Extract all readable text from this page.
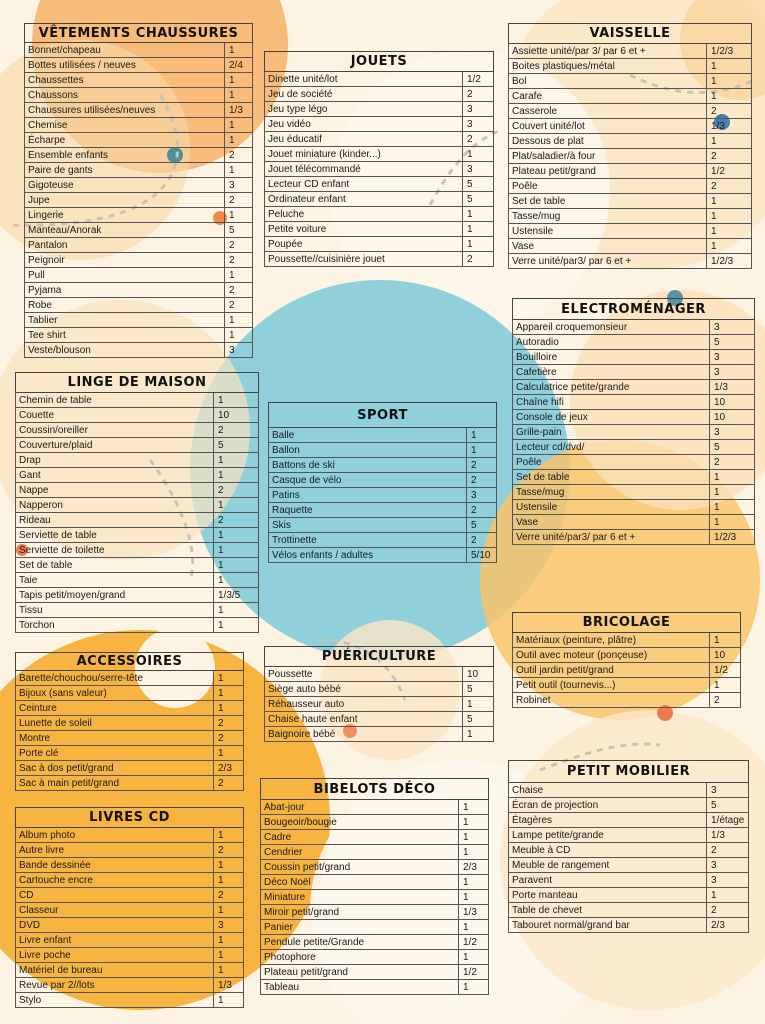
VÊTEMENTS CHAUSSURES	
Bonnet/chapeau	1
Bottes utilisées / neuves	2/4
Chaussettes	1
Chaussons	1
Chaussures utilisées/neuves	1/3
Chemise	1
Écharpe	1
Ensemble enfants	2
Paire de gants	1
Gigoteuse	3
Jupe	2
Lingerie	1
Manteau/Anorak	5
Pantalon	2
Peignoir	2
Pull	1
Pyjama	2
Robe	2
Tablier	1
Tee shirt	1
Veste/blouson	3
LINGE DE MAISON	
Chemin de table	1
Couette	10
Coussin/oreiller	2
Couverture/plaid	5
Drap	1
Gant	1
Nappe	2
Napperon	1
Rideau	2
Serviette de table	1
Serviette de toilette	1
Set de table	1
Taie	1
Tapis petit/moyen/grand	1/3/5
Tissu	1
Torchon	1
ACCESSOIRES	
Barette/chouchou/serre-tête	1
Bijoux (sans valeur)	1
Ceinture	1
Lunette de soleil	2
Montre	2
Porte clé	1
Sac à dos petit/grand	2/3
Sac à main petit/grand	2
LIVRES CD	
Album photo	1
Autre livre	2
Bande dessinée	1
Cartouche encre	1
CD	2
Classeur	1
DVD	3
Livre enfant	1
Livre poche	1
Matériel de bureau	1
Revue par 2//lots	1/3
Stylo	1
JOUETS	
Dinette unité/lot	1/2
Jeu de société	2
Jeu type légo	3
Jeu vidéo	3
Jeu éducatif	2
Jouet miniature (kinder...)	1
Jouet télécommandé	3
Lecteur CD enfant	5
Ordinateur enfant	5
Peluche	1
Petite voiture	1
Poupée	1
Poussette//cuisinière jouet	2
SPORT	
Balle	1
Ballon	1
Battons de ski	2
Casque de vélo	2
Patins	3
Raquette	2
Skis	5
Trottinette	2
Vélos enfants / adultes	5/10
PUÉRICULTURE	
Poussette	10
Siège auto bébé	5
Réhausseur auto	1
Chaise haute enfant	5
Baignoire bébé	1
BIBELOTS DÉCO	
Abat-jour	1
Bougeoir/bougie	1
Cadre	1
Cendrier	1
Coussin petit/grand	2/3
Déco Noël	1
Miniature	1
Miroir petit/grand	1/3
Panier	1
Pendule petite/Grande	1/2
Photophore	1
Plateau petit/grand	1/2
Tableau	1
VAISSELLE	
Assiette unité/par 3/ par 6 et +	1/2/3
Boites plastiques/métal	1
Bol	1
Carafe	1
Casserole	2
Couvert unité/lot	1/3
Dessous de plat	1
Plat/saladier/à four	2
Plateau petit/grand	1/2
Poêle	2
Set de table	1
Tasse/mug	1
Ustensile	1
Vase	1
Verre unité/par3/ par 6 et +	1/2/3
ELECTROMÉNAGER	
Appareil croquemonsieur	3
Autoradio	5
Bouilloire	3
Cafetière	3
Calculatrice petite/grande	1/3
Chaîne hifi	10
Console de jeux	10
Grille-pain	3
Lecteur cd/dvd/	5
Poêle	2
Set de table	1
Tasse/mug	1
Ustensile	1
Vase	1
Verre unité/par3/ par 6 et +	1/2/3
BRICOLAGE	
Matériaux (peinture, plâtre)	1
Outil avec moteur (ponçeuse)	10
Outil jardin petit/grand	1/2
Petit outil (tournevis...)	1
Robinet	2
PETIT MOBILIER	
Chaise	3
Écran de projection	5
Étagères	1/étage
Lampe petite/grande	1/3
Meuble à CD	2
Meuble de rangement	3
Paravent	3
Porte manteau	1
Table de chevet	2
Tabouret normal/grand bar	2/3
